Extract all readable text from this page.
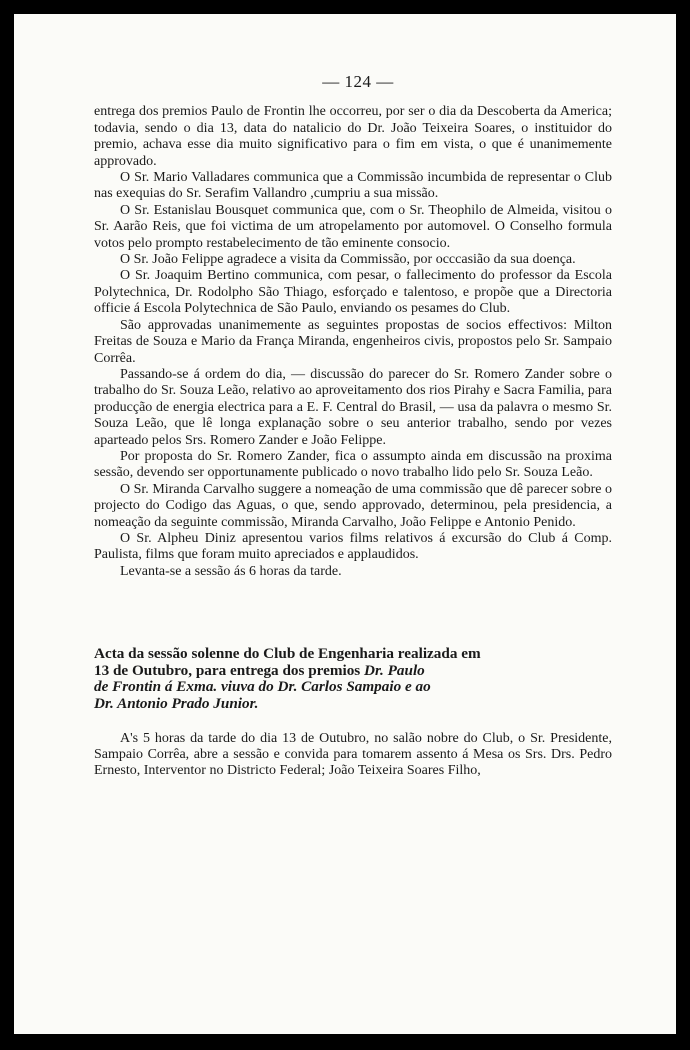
— 124 —

entrega dos premios Paulo de Frontin lhe occorreu, por ser o dia da Descoberta da America; todavia, sendo o dia 13, data do natalicio do Dr. João Teixeira Soares, o instituidor do premio, achava esse dia muito significativo para o fim em vista, o que é unanimemente approvado.

O Sr. Mario Valladares communica que a Commissão incumbida de representar o Club nas exequias do Sr. Serafim Vallandro ,cumpriu a sua missão.

O Sr. Estanislau Bousquet communica que, com o Sr. Theophilo de Almeida, visitou o Sr. Aarão Reis, que foi victima de um atropelamento por automovel. O Conselho formula votos pelo prompto restabelecimento de tão eminente consocio.

O Sr. João Felippe agradece a visita da Commissão, por occcasião da sua doença.

O Sr. Joaquim Bertino communica, com pesar, o fallecimento do professor da Escola Polytechnica, Dr. Rodolpho São Thiago, esforçado e talentoso, e propõe que a Directoria officie á Escola Polytechnica de São Paulo, enviando os pesames do Club.

São approvadas unanimemente as seguintes propostas de socios effectivos: Milton Freitas de Souza e Mario da França Miranda, engenheiros civis, propostos pelo Sr. Sampaio Corrêa.

Passando-se á ordem do dia, — discussão do parecer do Sr. Romero Zander sobre o trabalho do Sr. Souza Leão, relativo ao aproveitamento dos rios Pirahy e Sacra Familia, para producção de energia electrica para a E. F. Central do Brasil, — usa da palavra o mesmo Sr. Souza Leão, que lê longa explanação sobre o seu anterior trabalho, sendo por vezes aparteado pelos Srs. Romero Zander e João Felippe.

Por proposta do Sr. Romero Zander, fica o assumpto ainda em discussão na proxima sessão, devendo ser opportunamente publicado o novo trabalho lido pelo Sr. Souza Leão.

O Sr. Miranda Carvalho suggere a nomeação de uma commissão que dê parecer sobre o projecto do Codigo das Aguas, o que, sendo approvado, determinou, pela presidencia, a nomeação da seguinte commissão, Miranda Carvalho, João Felippe e Antonio Penido.

O Sr. Alpheu Diniz apresentou varios films relativos á excursão do Club á Comp. Paulista, films que foram muito apreciados e applaudidos.

Levanta-se a sessão ás 6 horas da tarde.

Acta da sessão solenne do Club de Engenharia realizada em
13 de Outubro, para entrega dos premios Dr. Paulo
de Frontin á Exma. viuva do Dr. Carlos Sampaio e ao
Dr. Antonio Prado Junior.

A's 5 horas da tarde do dia 13 de Outubro, no salão nobre do Club, o Sr. Presidente, Sampaio Corrêa, abre a sessão e convida para tomarem assento á Mesa os Srs. Drs. Pedro Ernesto, Interventor no Districto Federal; João Teixeira Soares Filho,
